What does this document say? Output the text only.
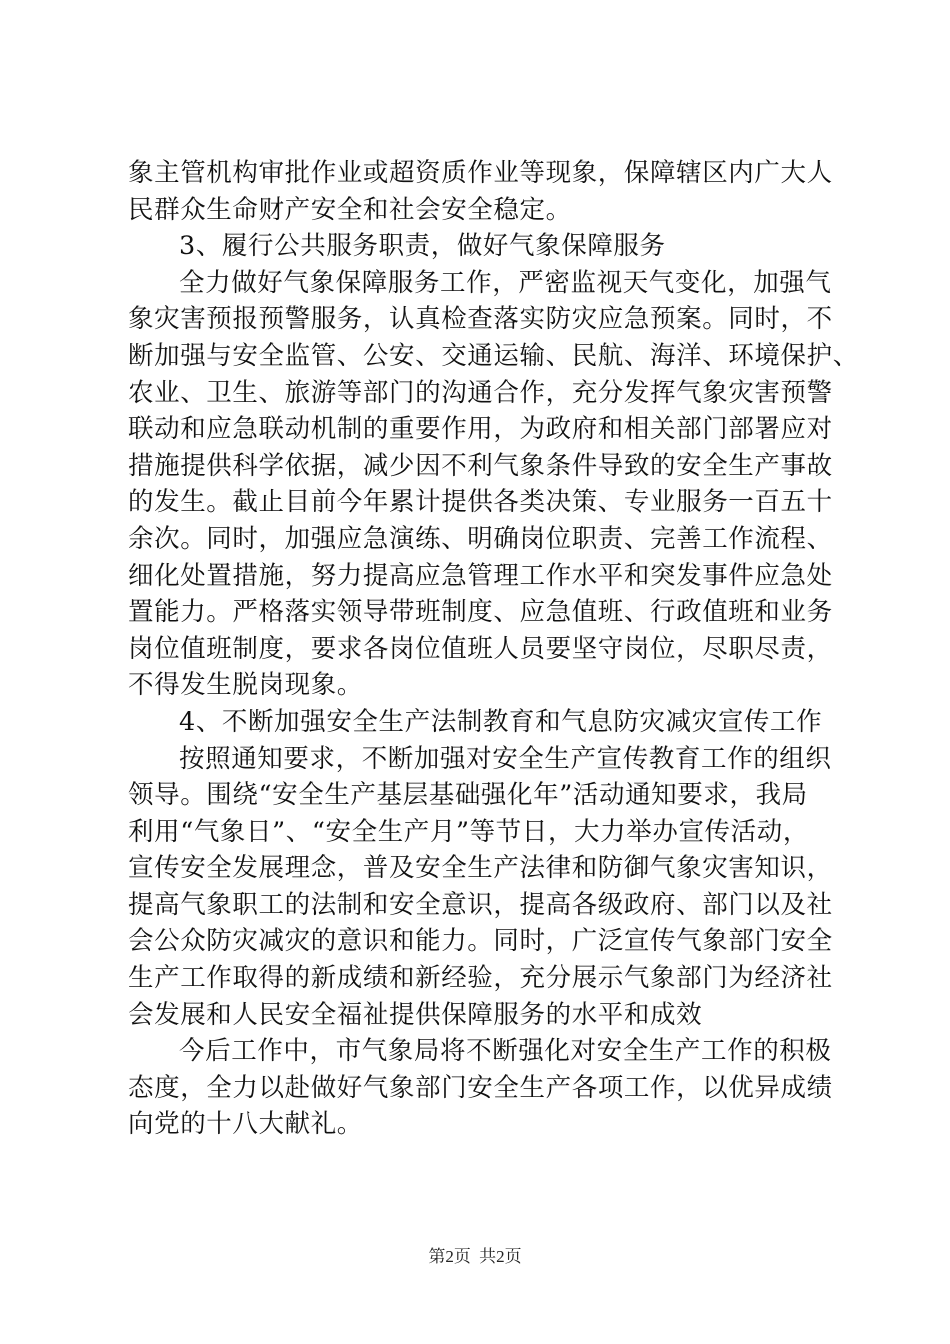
象主管机构审批作业或超资质作业等现象，保障辖区内广大人
民群众生命财产安全和社会安全稳定。
3、履行公共服务职责，做好气象保障服务
全力做好气象保障服务工作，严密监视天气变化，加强气
象灾害预报预警服务，认真检查落实防灾应急预案。同时，不
断加强与安全监管、公安、交通运输、民航、海洋、环境保护、
农业、卫生、旅游等部门的沟通合作，充分发挥气象灾害预警
联动和应急联动机制的重要作用，为政府和相关部门部署应对
措施提供科学依据，减少因不利气象条件导致的安全生产事故
的发生。截止目前今年累计提供各类决策、专业服务一百五十
余次。同时，加强应急演练、明确岗位职责、完善工作流程、
细化处置措施，努力提高应急管理工作水平和突发事件应急处
置能力。严格落实领导带班制度、应急值班、行政值班和业务
岗位值班制度，要求各岗位值班人员要坚守岗位，尽职尽责，
不得发生脱岗现象。
4、不断加强安全生产法制教育和气息防灾减灾宣传工作
按照通知要求，不断加强对安全生产宣传教育工作的组织
领导。围绕“安全生产基层基础强化年”活动通知要求，我局
利用“气象日”、“安全生产月”等节日，大力举办宣传活动，
宣传安全发展理念，普及安全生产法律和防御气象灾害知识，
提高气象职工的法制和安全意识，提高各级政府、部门以及社
会公众防灾减灾的意识和能力。同时，广泛宣传气象部门安全
生产工作取得的新成绩和新经验，充分展示气象部门为经济社
会发展和人民安全福祉提供保障服务的水平和成效
今后工作中，市气象局将不断强化对安全生产工作的积极
态度，全力以赴做好气象部门安全生产各项工作，以优异成绩
向党的十八大献礼。
第2页 共2页
